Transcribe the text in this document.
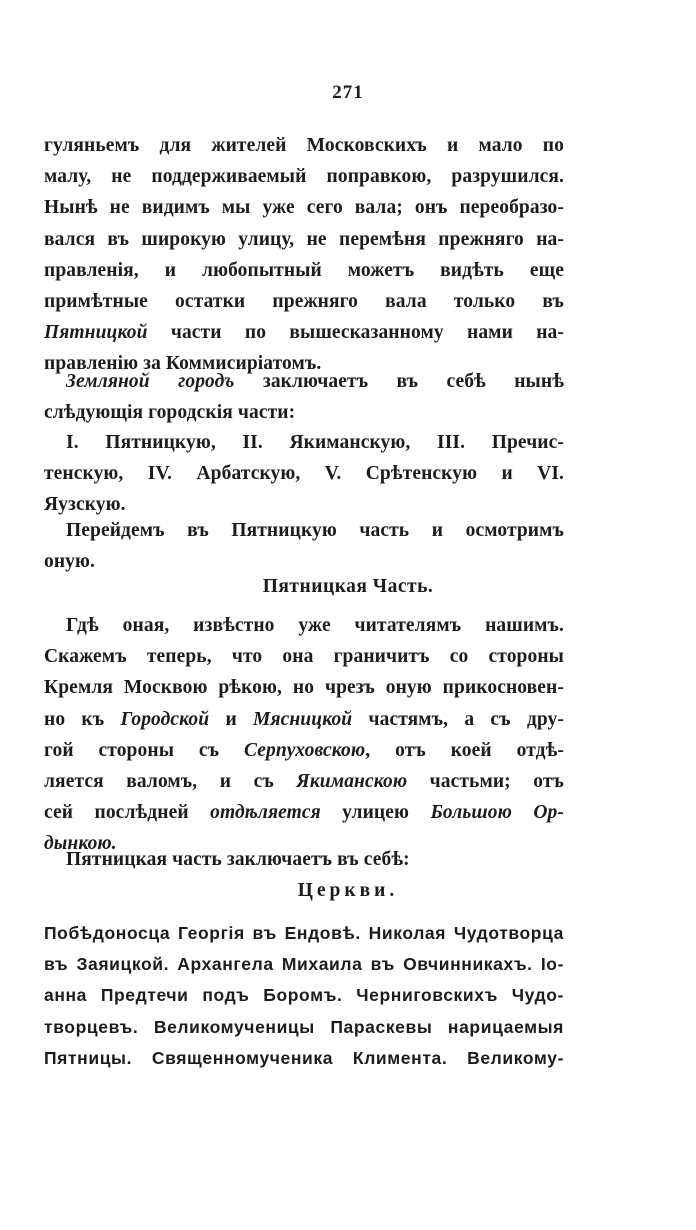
271
гуляньемъ для жителей Московскихъ и мало по
малу, не поддерживаемый поправкою, разрушился.
Нынѣ не видимъ мы уже сего вала; онъ переобразо-
вался въ широкую улицу, не перемѣня прежняго на-
правленія, и любопытный можетъ видѣть еще
примѣтные остатки прежняго вала только въ
Пятницкой части по вышесказанному нами на-
правленію за Коммисиріатомъ.
Земляной городъ заключаетъ въ себѣ нынѣ
слѣдующія городскія части:
I. Пятницкую, II. Якиманскую, III. Пречис-
тенскую, IV. Арбатскую, V. Срѣтенскую и VI.
Яузскую.
Перейдемъ въ Пятницкую часть и осмотримъ
оную.
Пятницкая Часть.
Гдѣ оная, извѣстно уже читателямъ нашимъ.
Скажемъ теперь, что она граничитъ со стороны
Кремля Москвою рѣкою, но чрезъ оную прикосновен-
но къ Городской и Мясницкой частямъ, а съ дру-
гой стороны съ Серпуховскою, отъ коей отдѣ-
ляется валомъ, и съ Якиманскою частьми; отъ
сей послѣдней отдѣляется улицею Большою Ор-
дынкою.
Пятницкая часть заключаетъ въ себѣ:
Церкви.
Побѣдоносца Георгія въ Ендовѣ. Николая Чудотворца
въ Заяицкой. Архангела Михаила въ Овчинникахъ. Іо-
анна Предтечи подъ Боромъ. Черниговскихъ Чудо-
творцевъ. Великомученицы Параскевы нарицаемыя
Пятницы. Священномученика Климента. Великому-
